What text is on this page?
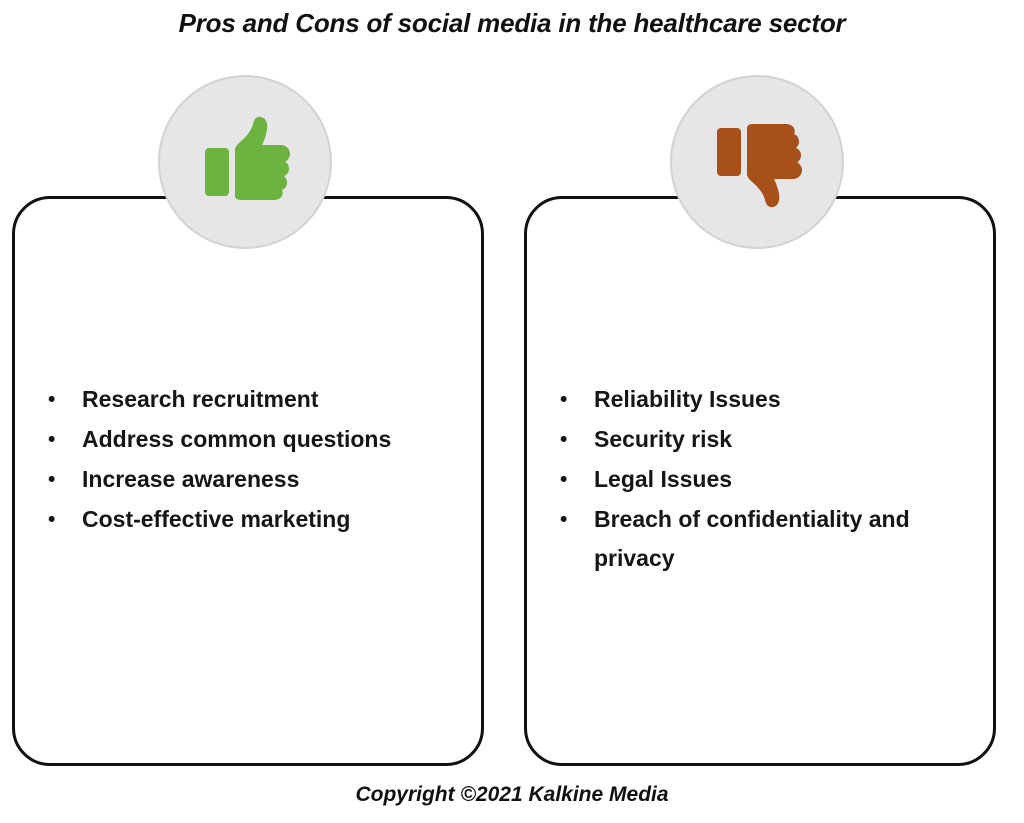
Pros and Cons of social media in the healthcare sector
• Research recruitment
• Address common questions
• Increase awareness
• Cost-effective marketing
• Reliability Issues
• Security risk
• Legal Issues
• Breach of confidentiality and privacy
Copyright ©2021 Kalkine Media
